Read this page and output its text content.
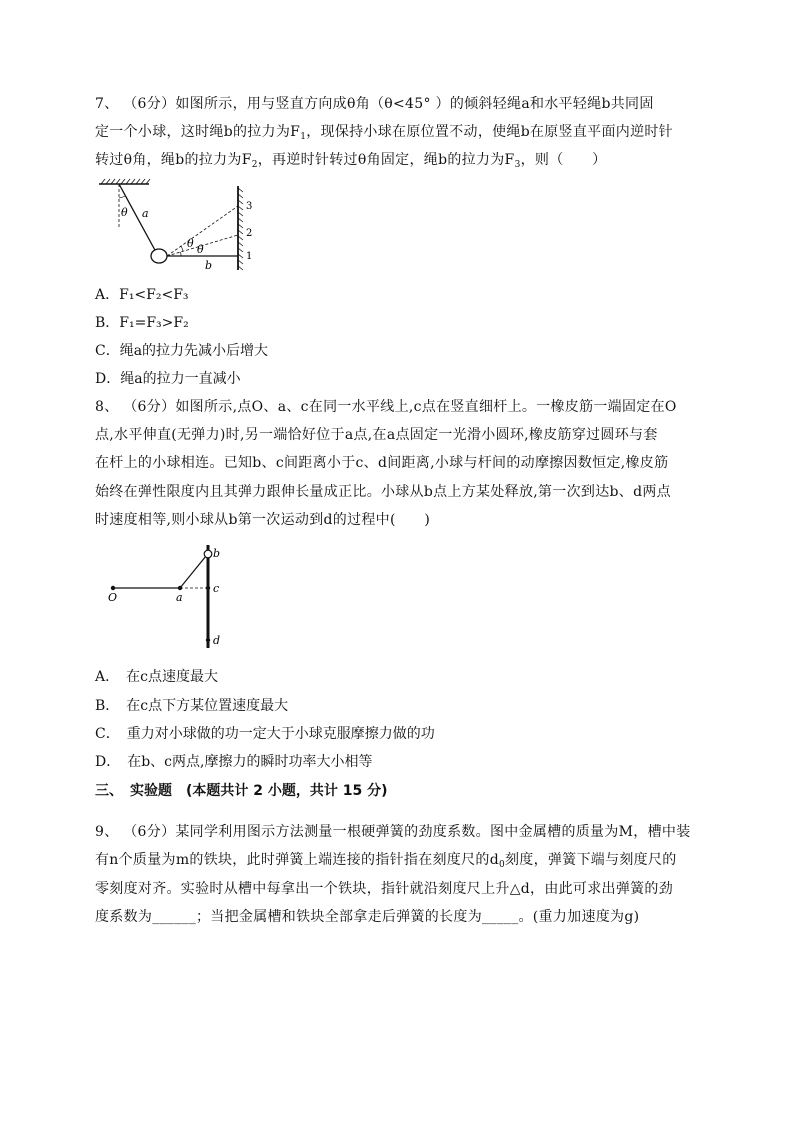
7、 （6分）如图所示，用与竖直方向成θ角（θ<45° ）的倾斜轻绳a和水平轻绳b共同固
定一个小球，这时绳b的拉力为$F_1$，现保持小球在原位置不动，使绳b在原竖直平面内逆时针
转过θ角，绳b的拉力为$F_2$，再逆时针转过θ角固定，绳b的拉力为$F_3$，则（　　）
θ a
θ θ
b
1
2
3
A．F₁<F₂<F₃
B．F₁=F₃>F₂
C．绳a的拉力先减小后增大
D．绳a的拉力一直减小
8、 （6分）如图所示,点O、a、c在同一水平线上,c点在竖直细杆上。一橡皮筋一端固定在O
点,水平伸直(无弹力)时,另一端恰好位于a点,在a点固定一光滑小圆环,橡皮筋穿过圆环与套
在杆上的小球相连。已知b、c间距离小于c、d间距离,小球与杆间的动摩擦因数恒定,橡皮筋
始终在弹性限度内且其弹力跟伸长量成正比。小球从b点上方某处释放,第一次到达b、d两点
时速度相等,则小球从b第一次运动到d的过程中(　　)
O	a
b
c
d
A．　在c点速度最大
B．　在c点下方某位置速度最大
C．　重力对小球做的功一定大于小球克服摩擦力做的功
D．　在b、c两点,摩擦力的瞬时功率大小相等
三、　实验题　(本题共计 2 小题，共计 15 分)
9、 （6分）某同学利用图示方法测量一根硬弹簧的劲度系数。图中金属槽的质量为M，槽中装
有n个质量为m的铁块，此时弹簧上端连接的指针指在刻度尺的$d_0$刻度，弹簧下端与刻度尺的
零刻度对齐。实验时从槽中每拿出一个铁块，指针就沿刻度尺上升△d，由此可求出弹簧的劲
度系数为______；当把金属槽和铁块全部拿走后弹簧的长度为_____。(重力加速度为g)
